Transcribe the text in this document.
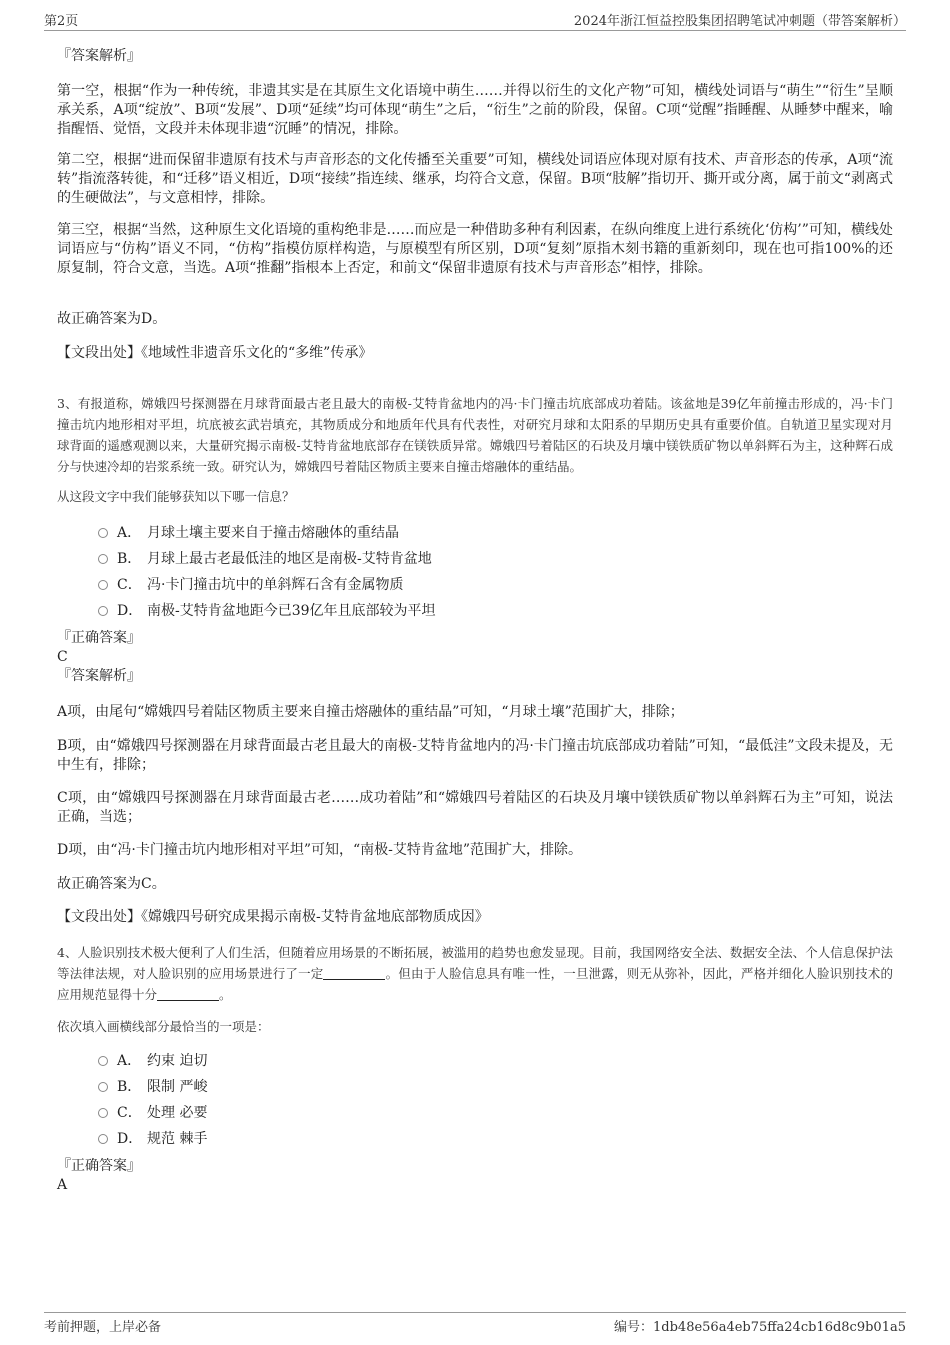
第2页	2024年浙江恒益控股集团招聘笔试冲刺题（带答案解析）

『答案解析』

第一空，根据“作为一种传统，非遗其实是在其原生文化语境中萌生……并得以衍生的文化产物”可知，横线处词语与“萌生”“衍生”呈顺承关系，A项“绽放”、B项“发展”、D项“延续”均可体现“萌生”之后，“衍生”之前的阶段，保留。C项“觉醒”指睡醒、从睡梦中醒来，喻指醒悟、觉悟，文段并未体现非遗“沉睡”的情况，排除。

第二空，根据“进而保留非遗原有技术与声音形态的文化传播至关重要”可知，横线处词语应体现对原有技术、声音形态的传承，A项“流转”指流落转徙，和“迁移”语义相近，D项“接续”指连续、继承，均符合文意，保留。B项“肢解”指切开、撕开或分离，属于前文“剥离式的生硬做法”，与文意相悖，排除。

第三空，根据“当然，这种原生文化语境的重构绝非是……而应是一种借助多种有利因素，在纵向维度上进行系统化‘仿构’”可知，横线处词语应与“仿构”语义不同，“仿构”指模仿原样构造，与原模型有所区别，D项“复刻”原指木刻书籍的重新刻印，现在也可指100%的还原复制，符合文意，当选。A项“推翻”指根本上否定，和前文“保留非遗原有技术与声音形态”相悖，排除。

故正确答案为D。

【文段出处】《地域性非遗音乐文化的“多维”传承》

3、有报道称，嫦娥四号探测器在月球背面最古老且最大的南极-艾特肯盆地内的冯·卡门撞击坑底部成功着陆。该盆地是39亿年前撞击形成的，冯·卡门撞击坑内地形相对平坦，坑底被玄武岩填充，其物质成分和地质年代具有代表性，对研究月球和太阳系的早期历史具有重要价值。自轨道卫星实现对月球背面的遥感观测以来，大量研究揭示南极-艾特肯盆地底部存在镁铁质异常。嫦娥四号着陆区的石块及月壤中镁铁质矿物以单斜辉石为主，这种辉石成分与快速冷却的岩浆系统一致。研究认为，嫦娥四号着陆区物质主要来自撞击熔融体的重结晶。

从这段文字中我们能够获知以下哪一信息？

A． 月球土壤主要来自于撞击熔融体的重结晶
B． 月球上最古老最低洼的地区是南极-艾特肯盆地
C． 冯·卡门撞击坑中的单斜辉石含有金属物质
D． 南极-艾特肯盆地距今已39亿年且底部较为平坦

『正确答案』

C

『答案解析』

A项，由尾句“嫦娥四号着陆区物质主要来自撞击熔融体的重结晶”可知，“月球土壤”范围扩大，排除；

B项，由“嫦娥四号探测器在月球背面最古老且最大的南极-艾特肯盆地内的冯·卡门撞击坑底部成功着陆”可知，“最低洼”文段未提及，无中生有，排除；

C项，由“嫦娥四号探测器在月球背面最古老……成功着陆”和“嫦娥四号着陆区的石块及月壤中镁铁质矿物以单斜辉石为主”可知，说法正确，当选；

D项，由“冯·卡门撞击坑内地形相对平坦”可知，“南极-艾特肯盆地”范围扩大，排除。

故正确答案为C。

【文段出处】《嫦娥四号研究成果揭示南极-艾特肯盆地底部物质成因》

4、人脸识别技术极大便利了人们生活，但随着应用场景的不断拓展，被滥用的趋势也愈发显现。目前，我国网络安全法、数据安全法、个人信息保护法等法律法规，对人脸识别的应用场景进行了一定	。但由于人脸信息具有唯一性，一旦泄露，则无从弥补，因此，严格并细化人脸识别技术的应用规范显得十分	。

依次填入画横线部分最恰当的一项是：

A． 约束 迫切
B． 限制 严峻
C． 处理 必要
D． 规范 棘手

『正确答案』

A

考前押题，上岸必备	编号：1db48e56a4eb75ffa24cb16d8c9b01a5
